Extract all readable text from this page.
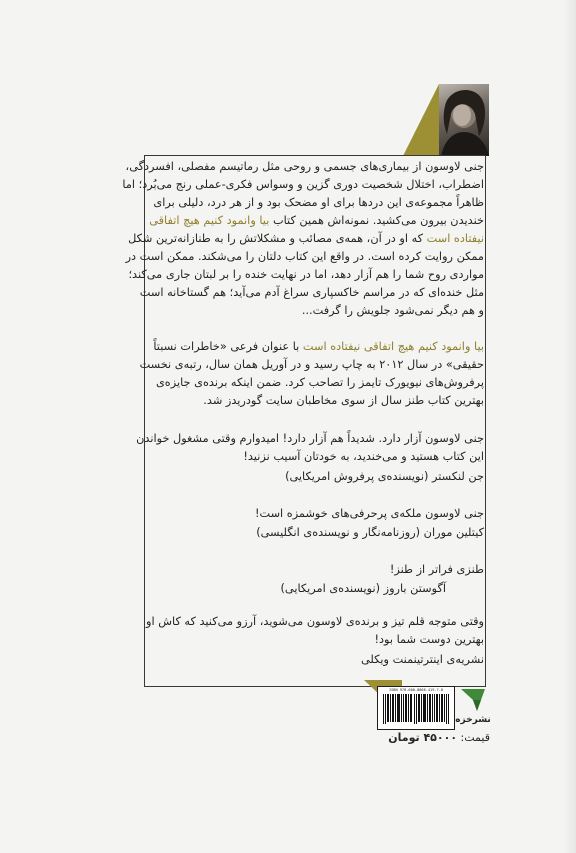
جنی لاوسون از بیماری‌های جسمی و روحی مثل رماتیسم مفصلی، افسردگی،
اضطراب، اختلال شخصیت دوری گزین و وسواس فکری-عملی رنج می‌بُرد؛ اما
ظاهراً مجموعه‌ی این دردها برای او مضحک بود و از هر درد، دلیلی برای
خندیدن بیرون می‌کشید. نمونه‌اش همین کتاب بیا وانمود کنیم هیچ اتفاقی
نیفتاده است که او در آن، همه‌ی مصائب و مشکلاتش را به طنازانه‌ترین شکل
ممکن روایت کرده است. در واقع این کتاب دلتان را می‌شکند. ممکن است در
مواردی روح شما را هم آزار دهد، اما در نهایت خنده را بر لبتان جاری می‌کند؛
مثل خنده‌ای که در مراسم خاکسپاری سراغ آدم می‌آید؛ هم گستاخانه است
و هم دیگر نمی‌شود جلویش را گرفت...
بیا وانمود کنیم هیچ اتفاقی نیفتاده است با عنوان فرعی «خاطرات نسبتاً
حقیقی» در سال ۲۰۱۲ به چاپ رسید و در آوریل همان سال، رتبه‌ی نخست
پرفروش‌های نیویورک تایمز را تصاحب کرد. ضمن اینکه برنده‌ی جایزه‌ی
بهترین کتاب طنز سال از سوی مخاطبان سایت گودریدز شد.
جنی لاوسون آزار دارد. شدیداً هم آزار دارد! امیدوارم وقتی مشغول خواندن
این کتاب هستید و می‌خندید، به خودتان آسیب نزنید!
جن لنکستر (نویسنده‌ی پرفروش امریکایی)
جنی لاوسون ملکه‌ی پرحرفی‌های خوشمزه است!
کیتلین موران (روزنامه‌نگار و نویسنده‌ی انگلیسی)
طنزی فراتر از طنز!
آگوستن باروز (نویسنده‌ی امریکایی)
وقتی متوجه قلم تیز و برنده‌ی لاوسون می‌شوید، آرزو می‌کنید که کاش او
بهترین دوست شما بود!
نشریه‌ی اینترتینمنت ویکلی
ISBN 978-600-8866-419-7-8
نشرخزه
قیمت: ۴۵۰۰۰ تومان
